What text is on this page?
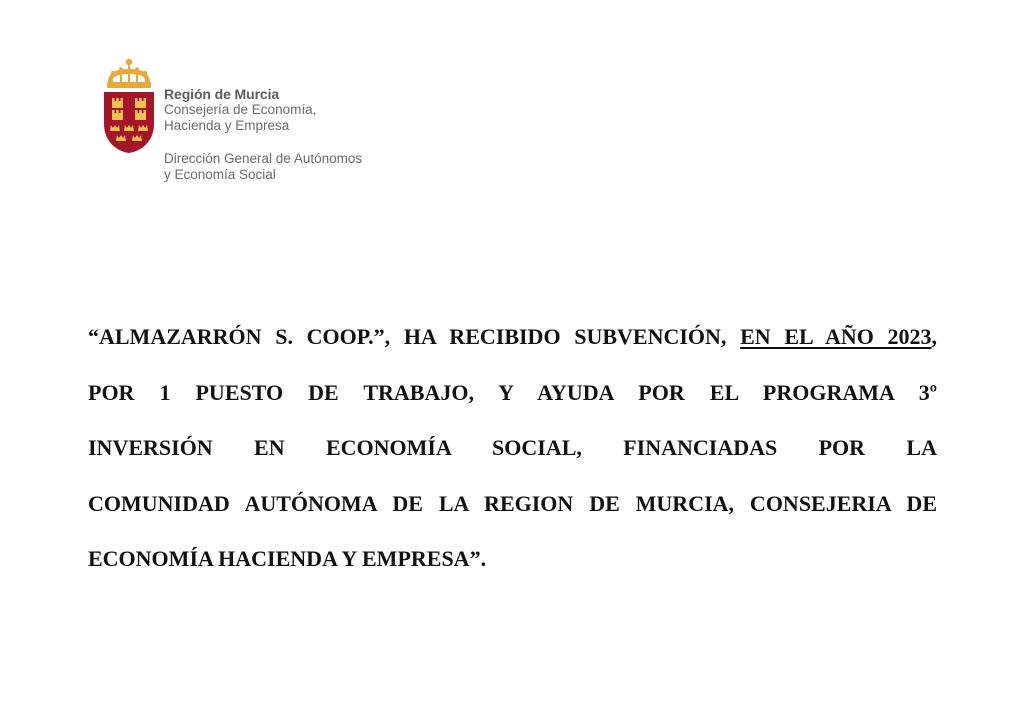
Región de Murcia
Consejería de Economía,
Hacienda y Empresa
Dirección General de Autónomos
y Economía Social
“ALMAZARRÓN S. COOP.”, HA RECIBIDO SUBVENCIÓN, EN EL AÑO 2023,
POR 1 PUESTO DE TRABAJO, Y AYUDA POR EL PROGRAMA 3º
INVERSIÓN EN ECONOMÍA SOCIAL, FINANCIADAS POR LA
COMUNIDAD AUTÓNOMA DE LA REGION DE MURCIA, CONSEJERIA DE
ECONOMÍA HACIENDA Y EMPRESA”.
